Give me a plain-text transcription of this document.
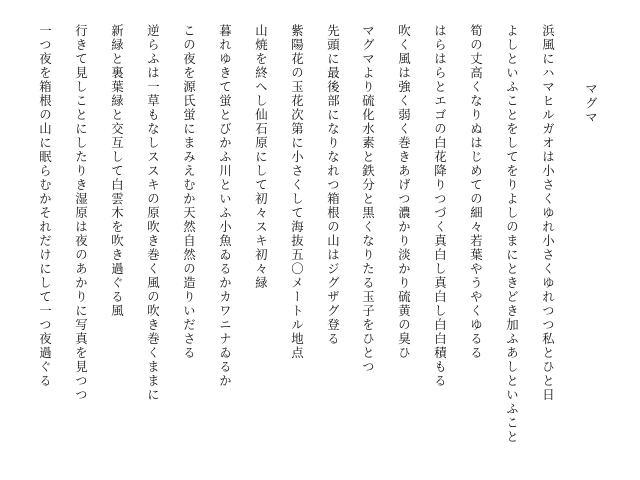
マグマ
浜風にハマヒルガオは小さくゆれ小さくゆれつつ私とひと日
よしといふことをしてをりよしのまにときどき加ふあしといふこと
筍の丈高くなりぬはじめての細々若葉やうやくゆるる
はらはらとエゴの白花降りつづく真白し真白し白白積もる
吹く風は強く弱く巻きあげつ濃かり淡かり硫黄の臭ひ
マグマより硫化水素と鉄分と黒くなりたる玉子をひとつ
先頭に最後部になりなれつ箱根の山はジグザグ登る
紫陽花の玉花次第に小さくして海抜五〇メートル地点
山焼を終へし仙石原にして初々スキ初々緑
暮れゆきて蛍とびかふ川といふ小魚ゐるかカワニナゐるか
この夜を源氏蛍にまみえむか天然自然の造りいださる
逆らふは一草もなしススキの原吹き巻く風の吹き巻くままに
新緑と裏葉緑と交互して白雲木を吹き過ぐる風
行きて見しことにしたりき湿原は夜のあかりに写真を見つつ
一つ夜を箱根の山に眠らむかそれだけにして一つ夜過ぐる
